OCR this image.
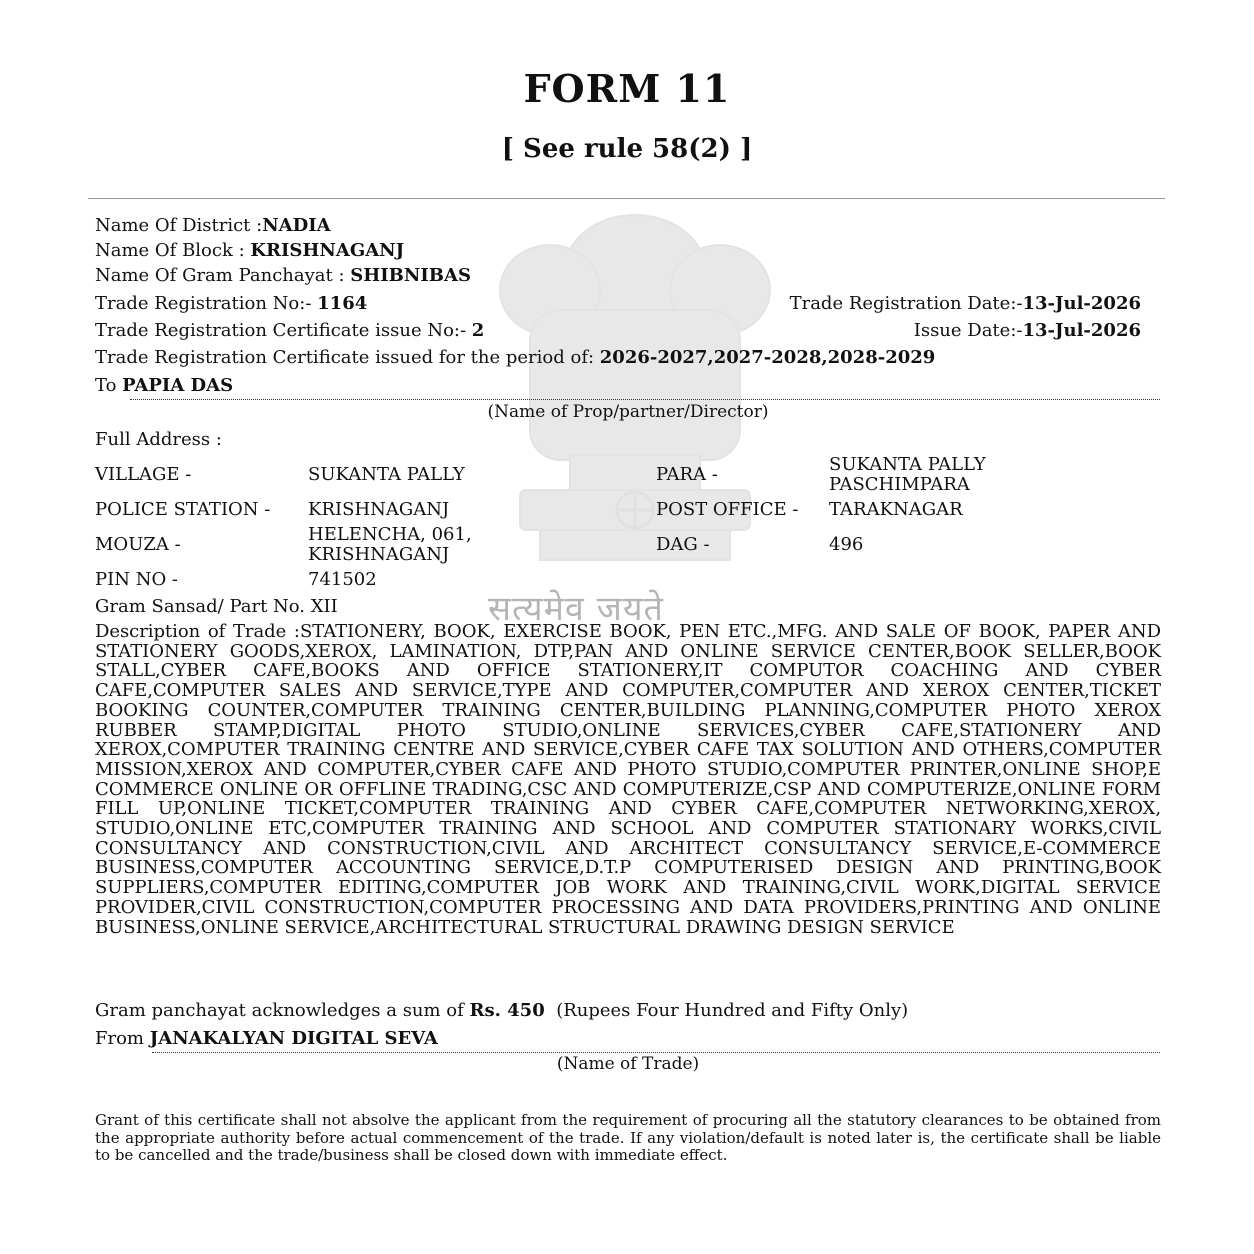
सत्यमेव जयते
FORM 11
[ See rule 58(2) ]
Name Of District :NADIA
Name Of Block : KRISHNAGANJ
Name Of Gram Panchayat : SHIBNIBAS
Trade Registration No:- 1164	Trade Registration Date:-13-Jul-2026
Trade Registration Certificate issue No:- 2	Issue Date:-13-Jul-2026
Trade Registration Certificate issued for the period of: 2026-2027,2027-2028,2028-2029
To PAPIA DAS
(Name of Prop/partner/Director)
Full Address :
VILLAGE -	SUKANTA PALLY	PARA -	SUKANTA PALLY PASCHIMPARA
POLICE STATION - KRISHNAGANJ	POST OFFICE - TARAKNAGAR
MOUZA -	HELENCHA, 061, KRISHNAGANJ	DAG -	496
PIN NO -	741502
Gram Sansad/ Part No. XII
Description of Trade :STATIONERY, BOOK, EXERCISE BOOK, PEN ETC.,MFG. AND SALE OF BOOK, PAPER AND STATIONERY GOODS,XEROX, LAMINATION, DTP,PAN AND ONLINE SERVICE CENTER,BOOK SELLER,BOOK STALL,CYBER CAFE,BOOKS AND OFFICE STATIONERY,IT COMPUTOR COACHING AND CYBER CAFE,COMPUTER SALES AND SERVICE,TYPE AND COMPUTER,COMPUTER AND XEROX CENTER,TICKET BOOKING COUNTER,COMPUTER TRAINING CENTER,BUILDING PLANNING,COMPUTER PHOTO XEROX RUBBER STAMP,DIGITAL PHOTO STUDIO,ONLINE SERVICES,CYBER CAFE,STATIONERY AND XEROX,COMPUTER TRAINING CENTRE AND SERVICE,CYBER CAFE TAX SOLUTION AND OTHERS,COMPUTER MISSION,XEROX AND COMPUTER,CYBER CAFE AND PHOTO STUDIO,COMPUTER PRINTER,ONLINE SHOP,E COMMERCE ONLINE OR OFFLINE TRADING,CSC AND COMPUTERIZE,CSP AND COMPUTERIZE,ONLINE FORM FILL UP,ONLINE TICKET,COMPUTER TRAINING AND CYBER CAFE,COMPUTER NETWORKING,XEROX, STUDIO,ONLINE ETC,COMPUTER TRAINING AND SCHOOL AND COMPUTER STATIONARY WORKS,CIVIL CONSULTANCY AND CONSTRUCTION,CIVIL AND ARCHITECT CONSULTANCY SERVICE,E-COMMERCE BUSINESS,COMPUTER ACCOUNTING SERVICE,D.T.P COMPUTERISED DESIGN AND PRINTING,BOOK SUPPLIERS,COMPUTER EDITING,COMPUTER JOB WORK AND TRAINING,CIVIL WORK,DIGITAL SERVICE PROVIDER,CIVIL CONSTRUCTION,COMPUTER PROCESSING AND DATA PROVIDERS,PRINTING AND ONLINE BUSINESS,ONLINE SERVICE,ARCHITECTURAL STRUCTURAL DRAWING DESIGN SERVICE
Gram panchayat acknowledges a sum of Rs. 450 (Rupees Four Hundred and Fifty Only)
From JANAKALYAN DIGITAL SEVA
(Name of Trade)
Grant of this certificate shall not absolve the applicant from the requirement of procuring all the statutory clearances to be obtained from the appropriate authority before actual commencement of the trade. If any violation/default is noted later is, the certificate shall be liable to be cancelled and the trade/business shall be closed down with immediate effect.
